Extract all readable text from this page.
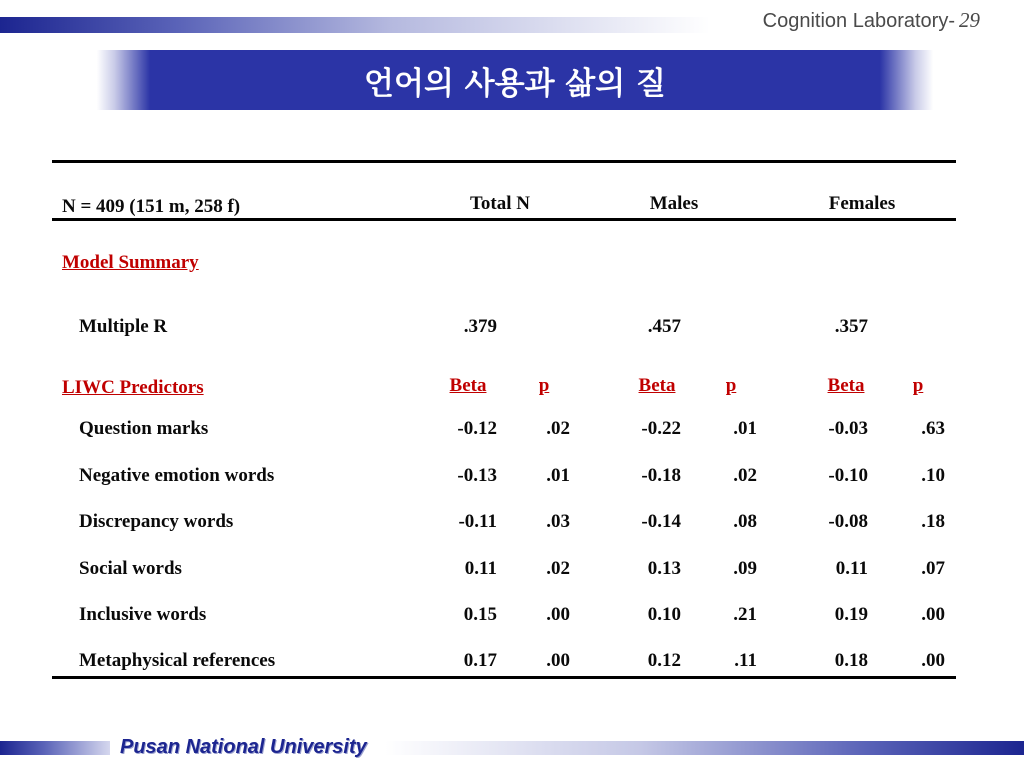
Cognition Laboratory- 29
언어의 사용과 삶의 질
N = 409 (151 m, 258 f)	Total N	Males	Females
Model Summary
Multiple R	.379	.457	.357
LIWC Predictors	Beta	p	Beta	p	Beta	p
Question marks	-0.12	.02	-0.22	.01	-0.03	.63
Negative emotion words	-0.13	.01	-0.18	.02	-0.10	.10
Discrepancy words	-0.11	.03	-0.14	.08	-0.08	.18
Social words	0.11	.02	0.13	.09	0.11	.07
Inclusive words	0.15	.00	0.10	.21	0.19	.00
Metaphysical references	0.17	.00	0.12	.11	0.18	.00
Pusan National University
